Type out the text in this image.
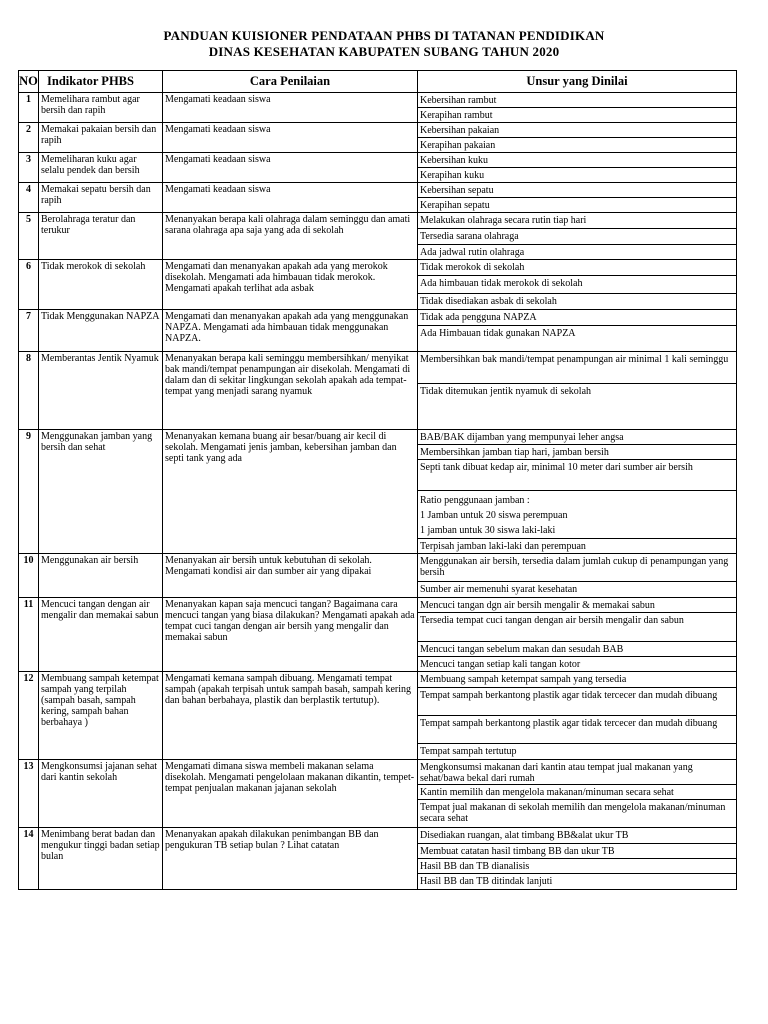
PANDUAN KUISIONER PENDATAAN PHBS DI TATANAN PENDIDIKAN
DINAS KESEHATAN KABUPATEN SUBANG TAHUN 2020
NO	Indikator PHBS	Cara Penilaian	Unsur yang Dinilai
1	Memelihara rambut agar bersih dan rapih	Mengamati keadaan siswa	Kebersihan rambut
			Kerapihan rambut
2	Memakai pakaian bersih dan rapih	Mengamati keadaan siswa	Kebersihan pakaian
			Kerapihan pakaian
3	Memeliharan kuku agar selalu pendek dan bersih	Mengamati keadaan siswa	Kebersihan kuku
			Kerapihan kuku
4	Memakai sepatu bersih dan rapih	Mengamati keadaan siswa	Kebersihan sepatu
			Kerapihan sepatu
5	Berolahraga teratur dan terukur	Menanyakan berapa kali olahraga dalam seminggu dan amati sarana olahraga apa saja yang ada di sekolah	Melakukan olahraga secara rutin tiap hari
			Tersedia sarana olahraga
			Ada jadwal rutin olahraga
6	Tidak merokok di sekolah	Mengamati dan menanyakan apakah ada yang merokok disekolah. Mengamati ada himbauan tidak merokok. Mengamati apakah terlihat ada asbak	Tidak merokok di sekolah
			Ada himbauan tidak merokok di sekolah
			Tidak disediakan asbak di sekolah
7	Tidak Menggunakan NAPZA	Mengamati dan menanyakan apakah ada yang menggunakan NAPZA. Mengamati ada himbauan tidak menggunakan NAPZA.	Tidak ada pengguna NAPZA
			Ada Himbauan tidak gunakan NAPZA
8	Memberantas Jentik Nyamuk	Menanyakan berapa kali seminggu membersihkan/ menyikat bak mandi/tempat penampungan air disekolah. Mengamati di dalam dan di sekitar lingkungan sekolah apakah ada tempat-tempat yang menjadi sarang nyamuk	Membersihkan bak mandi/tempat penampungan air minimal 1 kali seminggu
			Tidak ditemukan jentik nyamuk di sekolah
9	Menggunakan jamban yang bersih dan sehat	Menanyakan kemana buang air besar/buang air kecil di sekolah. Mengamati jenis jamban, kebersihan jamban dan septi tank yang ada	BAB/BAK dijamban yang mempunyai leher angsa
			Membersihkan jamban tiap hari, jamban bersih
			Septi tank dibuat kedap air, minimal 10 meter dari sumber air bersih
			Ratio penggunaan jamban :
1 Jamban untuk 20 siswa perempuan
1 jamban untuk 30 siswa laki-laki
			Terpisah jamban laki-laki dan perempuan
10	Menggunakan air bersih	Menanyakan air bersih untuk kebutuhan di sekolah. Mengamati kondisi air dan sumber air yang dipakai	Menggunakan air bersih, tersedia dalam jumlah cukup di penampungan yang bersih
			Sumber air memenuhi syarat kesehatan
11	Mencuci tangan dengan air mengalir dan memakai sabun	Menanyakan kapan saja mencuci tangan? Bagaimana cara mencuci tangan yang biasa dilakukan? Mengamati apakah ada tempat cuci tangan dengan air bersih yang mengalir dan memakai sabun	Mencuci tangan dgn air bersih mengalir & memakai sabun
			Tersedia tempat cuci tangan dengan air bersih mengalir dan sabun
			Mencuci tangan sebelum makan dan sesudah BAB
			Mencuci tangan setiap kali tangan kotor
12	Membuang sampah ketempat sampah yang terpilah (sampah basah, sampah kering, sampah bahan berbahaya )	Mengamati kemana sampah dibuang. Mengamati tempat sampah (apakah terpisah untuk sampah basah, sampah kering dan bahan berbahaya, plastik dan berplastik tertutup).	Membuang sampah ketempat sampah yang tersedia
			Tempat sampah berkantong plastik agar tidak tercecer dan mudah dibuang
			Tempat sampah berkantong plastik agar tidak tercecer dan mudah dibuang
			Tempat sampah tertutup
13	Mengkonsumsi jajanan sehat dari kantin sekolah	Mengamati dimana siswa membeli makanan selama disekolah. Mengamati pengelolaan makanan dikantin, tempet-tempat penjualan makanan jajanan sekolah	Mengkonsumsi makanan dari kantin atau tempat jual makanan yang sehat/bawa bekal dari rumah
			Kantin memilih dan mengelola makanan/minuman secara sehat
			Tempat jual makanan di sekolah memilih dan mengelola makanan/minuman secara sehat
14	Menimbang berat badan dan mengukur tinggi badan setiap bulan	Menanyakan apakah dilakukan penimbangan BB dan pengukuran TB setiap bulan ? Lihat catatan	Disediakan ruangan, alat timbang BB&alat ukur TB
			Membuat catatan hasil timbang BB dan ukur TB
			Hasil BB dan TB dianalisis
			Hasil BB dan TB ditindak lanjuti
